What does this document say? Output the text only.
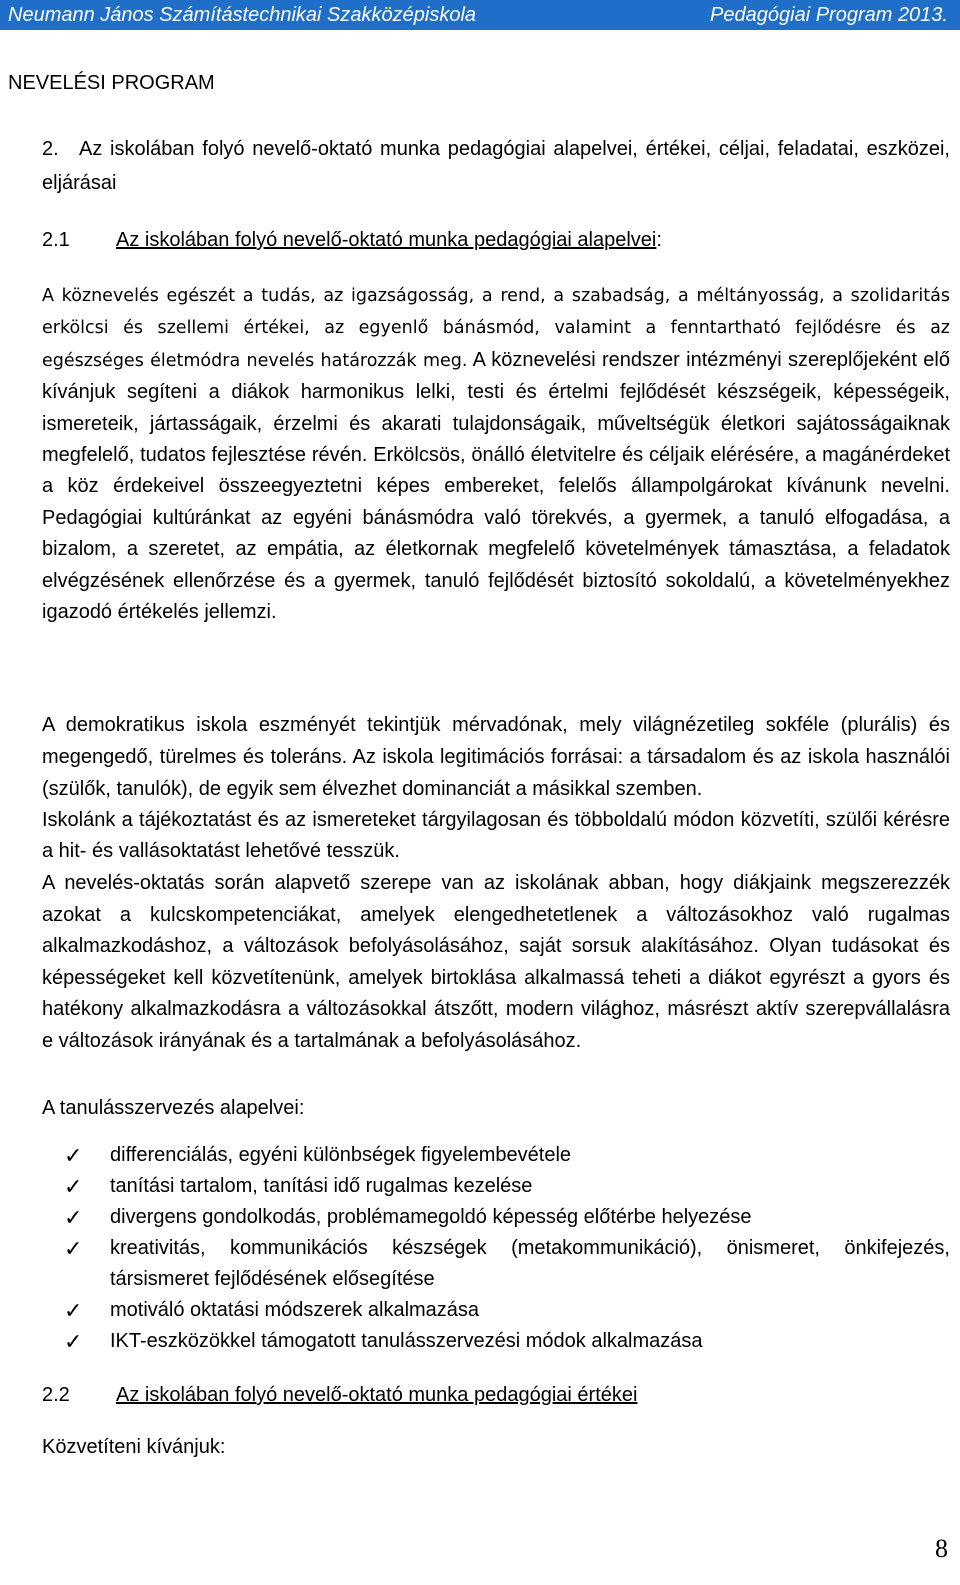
Neumann János Számítástechnikai Szakközépiskola	Pedagógiai Program 2013.

NEVELÉSI PROGRAM

2. Az iskolában folyó nevelő-oktató munka pedagógiai alapelvei, értékei, céljai, feladatai, eszközei, eljárásai

2.1 Az iskolában folyó nevelő-oktató munka pedagógiai alapelvei:

A köznevelés egészét a tudás, az igazságosság, a rend, a szabadság, a méltányosság, a szolidaritás erkölcsi és szellemi értékei, az egyenlő bánásmód, valamint a fenntartható fejlődésre és az egészséges életmódra nevelés határozzák meg. A köznevelési rendszer intézményi szereplőjeként elő kívánjuk segíteni a diákok harmonikus lelki, testi és értelmi fejlődését készségeik, képességeik, ismereteik, jártasságaik, érzelmi és akarati tulajdonságaik, műveltségük életkori sajátosságaiknak megfelelő, tudatos fejlesztése révén. Erkölcsös, önálló életvitelre és céljaik elérésére, a magánérdeket a köz érdekeivel összeegyeztetni képes embereket, felelős állampolgárokat kívánunk nevelni. Pedagógiai kultúránkat az egyéni bánásmódra való törekvés, a gyermek, a tanuló elfogadása, a bizalom, a szeretet, az empátia, az életkornak megfelelő követelmények támasztása, a feladatok elvégzésének ellenőrzése és a gyermek, tanuló fejlődését biztosító sokoldalú, a követelményekhez igazodó értékelés jellemzi.

A demokratikus iskola eszményét tekintjük mérvadónak, mely világnézetileg sokféle (plurális) és megengedő, türelmes és toleráns. Az iskola legitimációs forrásai: a társadalom és az iskola használói (szülők, tanulók), de egyik sem élvezhet dominanciát a másikkal szemben.

Iskolánk a tájékoztatást és az ismereteket tárgyilagosan és többoldalú módon közvetíti, szülői kérésre a hit- és vallásoktatást lehetővé tesszük.

A nevelés-oktatás során alapvető szerepe van az iskolának abban, hogy diákjaink megszerezzék azokat a kulcskompetenciákat, amelyek elengedhetetlenek a változásokhoz való rugalmas alkalmazkodáshoz, a változások befolyásolásához, saját sorsuk alakításához. Olyan tudásokat és képességeket kell közvetítenünk, amelyek birtoklása alkalmassá teheti a diákot egyrészt a gyors és hatékony alkalmazkodásra a változásokkal átszőtt, modern világhoz, másrészt aktív szerepvállalásra e változások irányának és a tartalmának a befolyásolásához.

A tanulásszervezés alapelvei:

✓ differenciálás, egyéni különbségek figyelembevétele
✓ tanítási tartalom, tanítási idő rugalmas kezelése
✓ divergens gondolkodás, problémamegoldó képesség előtérbe helyezése
✓ kreativitás, kommunikációs készségek (metakommunikáció), önismeret, önkifejezés, társismeret fejlődésének elősegítése
✓ motiváló oktatási módszerek alkalmazása
✓ IKT-eszközökkel támogatott tanulásszervezési módok alkalmazása

2.2 Az iskolában folyó nevelő-oktató munka pedagógiai értékei

Közvetíteni kívánjuk:

8
